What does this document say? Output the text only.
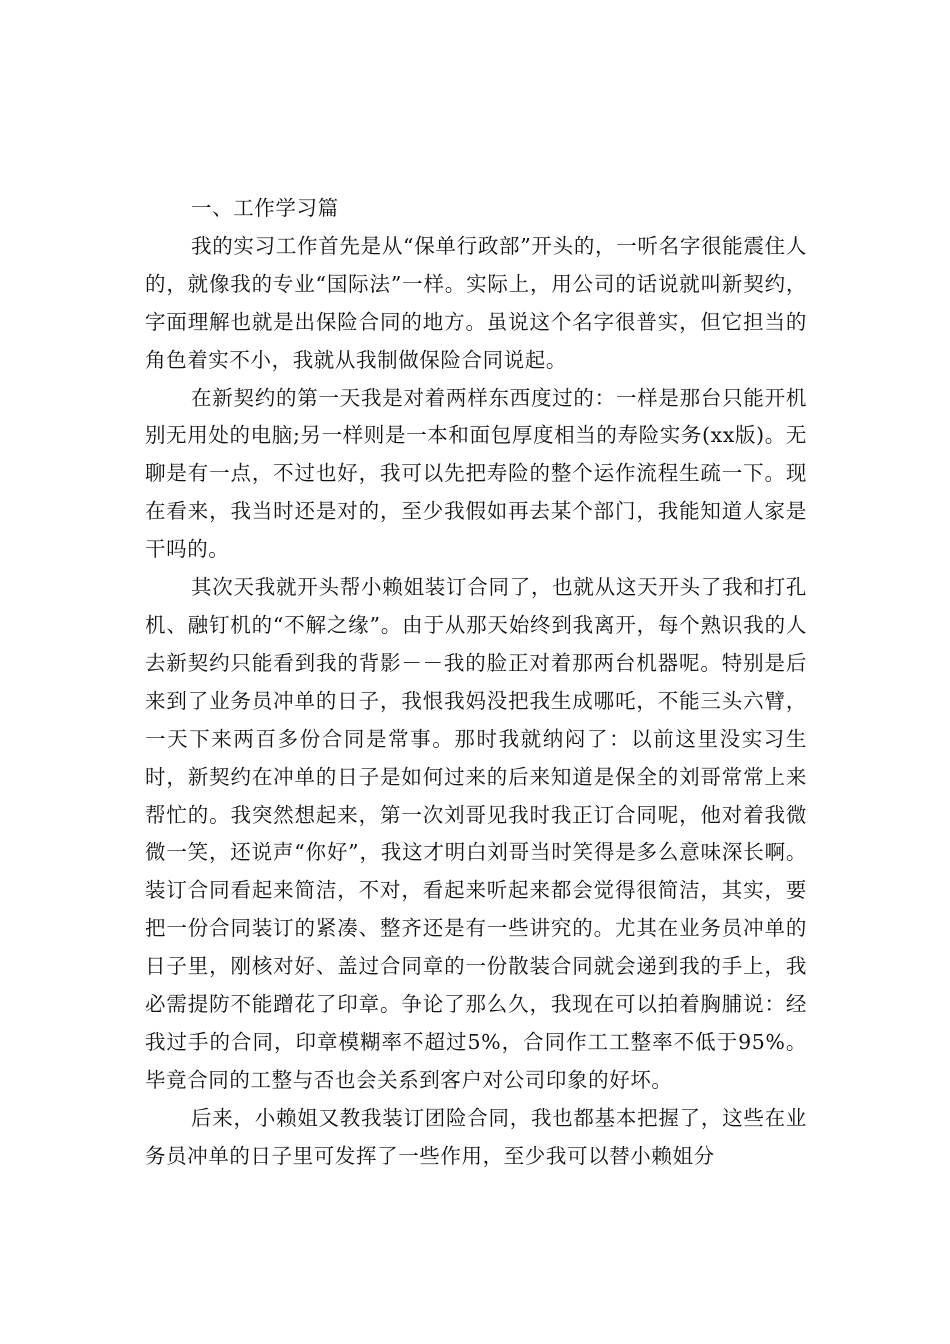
一、工作学习篇

我的实习工作首先是从“保单行政部”开头的，一听名字很能震住人的，就像我的专业“国际法”一样。实际上，用公司的话说就叫新契约，字面理解也就是出保险合同的地方。虽说这个名字很普实，但它担当的角色着实不小，我就从我制做保险合同说起。

在新契约的第一天我是对着两样东西度过的：一样是那台只能开机别无用处的电脑;另一样则是一本和面包厚度相当的寿险实务(xx版)。无聊是有一点，不过也好，我可以先把寿险的整个运作流程生疏一下。现在看来，我当时还是对的，至少我假如再去某个部门，我能知道人家是干吗的。

其次天我就开头帮小赖姐装订合同了，也就从这天开头了我和打孔机、融钉机的“不解之缘”。由于从那天始终到我离开，每个熟识我的人去新契约只能看到我的背影－－我的脸正对着那两台机器呢。特别是后来到了业务员冲单的日子，我恨我妈没把我生成哪吒，不能三头六臂，一天下来两百多份合同是常事。那时我就纳闷了：以前这里没实习生时，新契约在冲单的日子是如何过来的后来知道是保全的刘哥常常上来帮忙的。我突然想起来，第一次刘哥见我时我正订合同呢，他对着我微微一笑，还说声“你好”，我这才明白刘哥当时笑得是多么意味深长啊。装订合同看起来简洁，不对，看起来听起来都会觉得很简洁，其实，要把一份合同装订的紧凑、整齐还是有一些讲究的。尤其在业务员冲单的日子里，刚核对好、盖过合同章的一份散装合同就会递到我的手上，我必需提防不能蹭花了印章。争论了那么久，我现在可以拍着胸脯说：经我过手的合同，印章模糊率不超过5%，合同作工工整率不低于95%。毕竟合同的工整与否也会关系到客户对公司印象的好坏。

后来，小赖姐又教我装订团险合同，我也都基本把握了，这些在业务员冲单的日子里可发挥了一些作用，至少我可以替小赖姐分
